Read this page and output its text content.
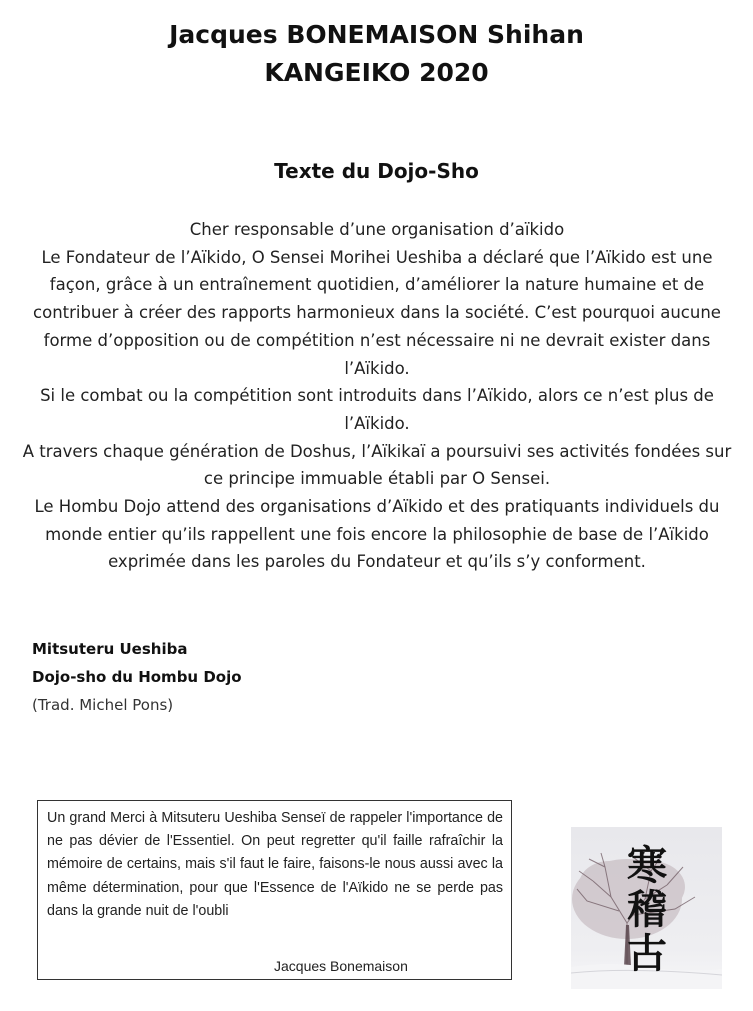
Jacques BONEMAISON Shihan
KANGEIKO 2020
Texte du Dojo-Sho

Cher responsable d’une organisation d’aïkido

Le Fondateur de l’Aïkido, O Sensei Morihei Ueshiba a déclaré que l’Aïkido est une façon, grâce à un entraînement quotidien, d’améliorer la nature humaine et de contribuer à créer des rapports harmonieux dans la société. C’est pourquoi aucune forme d’opposition ou de compétition n’est nécessaire ni ne devrait exister dans l’Aïkido.

Si le combat ou la compétition sont introduits dans l’Aïkido, alors ce n’est plus de l’Aïkido.

A travers chaque génération de Doshus, l’Aïkikaï a poursuivi ses activités fondées sur ce principe immuable établi par O Sensei.

Le Hombu Dojo attend des organisations d’Aïkido et des pratiquants individuels du monde entier qu’ils rappellent une fois encore la philosophie de base de l’Aïkido exprimée dans les paroles du Fondateur et qu’ils s’y conforment.

Mitsuteru Ueshiba
Dojo-sho du Hombu Dojo
(Trad. Michel Pons)
Un grand Merci à Mitsuteru Ueshiba Senseï de rappeler l'importance de ne pas dévier de l'Essentiel. On peut regretter qu'il faille rafraîchir la mémoire de certains, mais s'il faut le faire, faisons-le nous aussi avec la même détermination, pour que l'Essence de l'Aïkido ne se perde pas dans la grande nuit de l'oubli
Jacques Bonemaison
寒
稽
古
